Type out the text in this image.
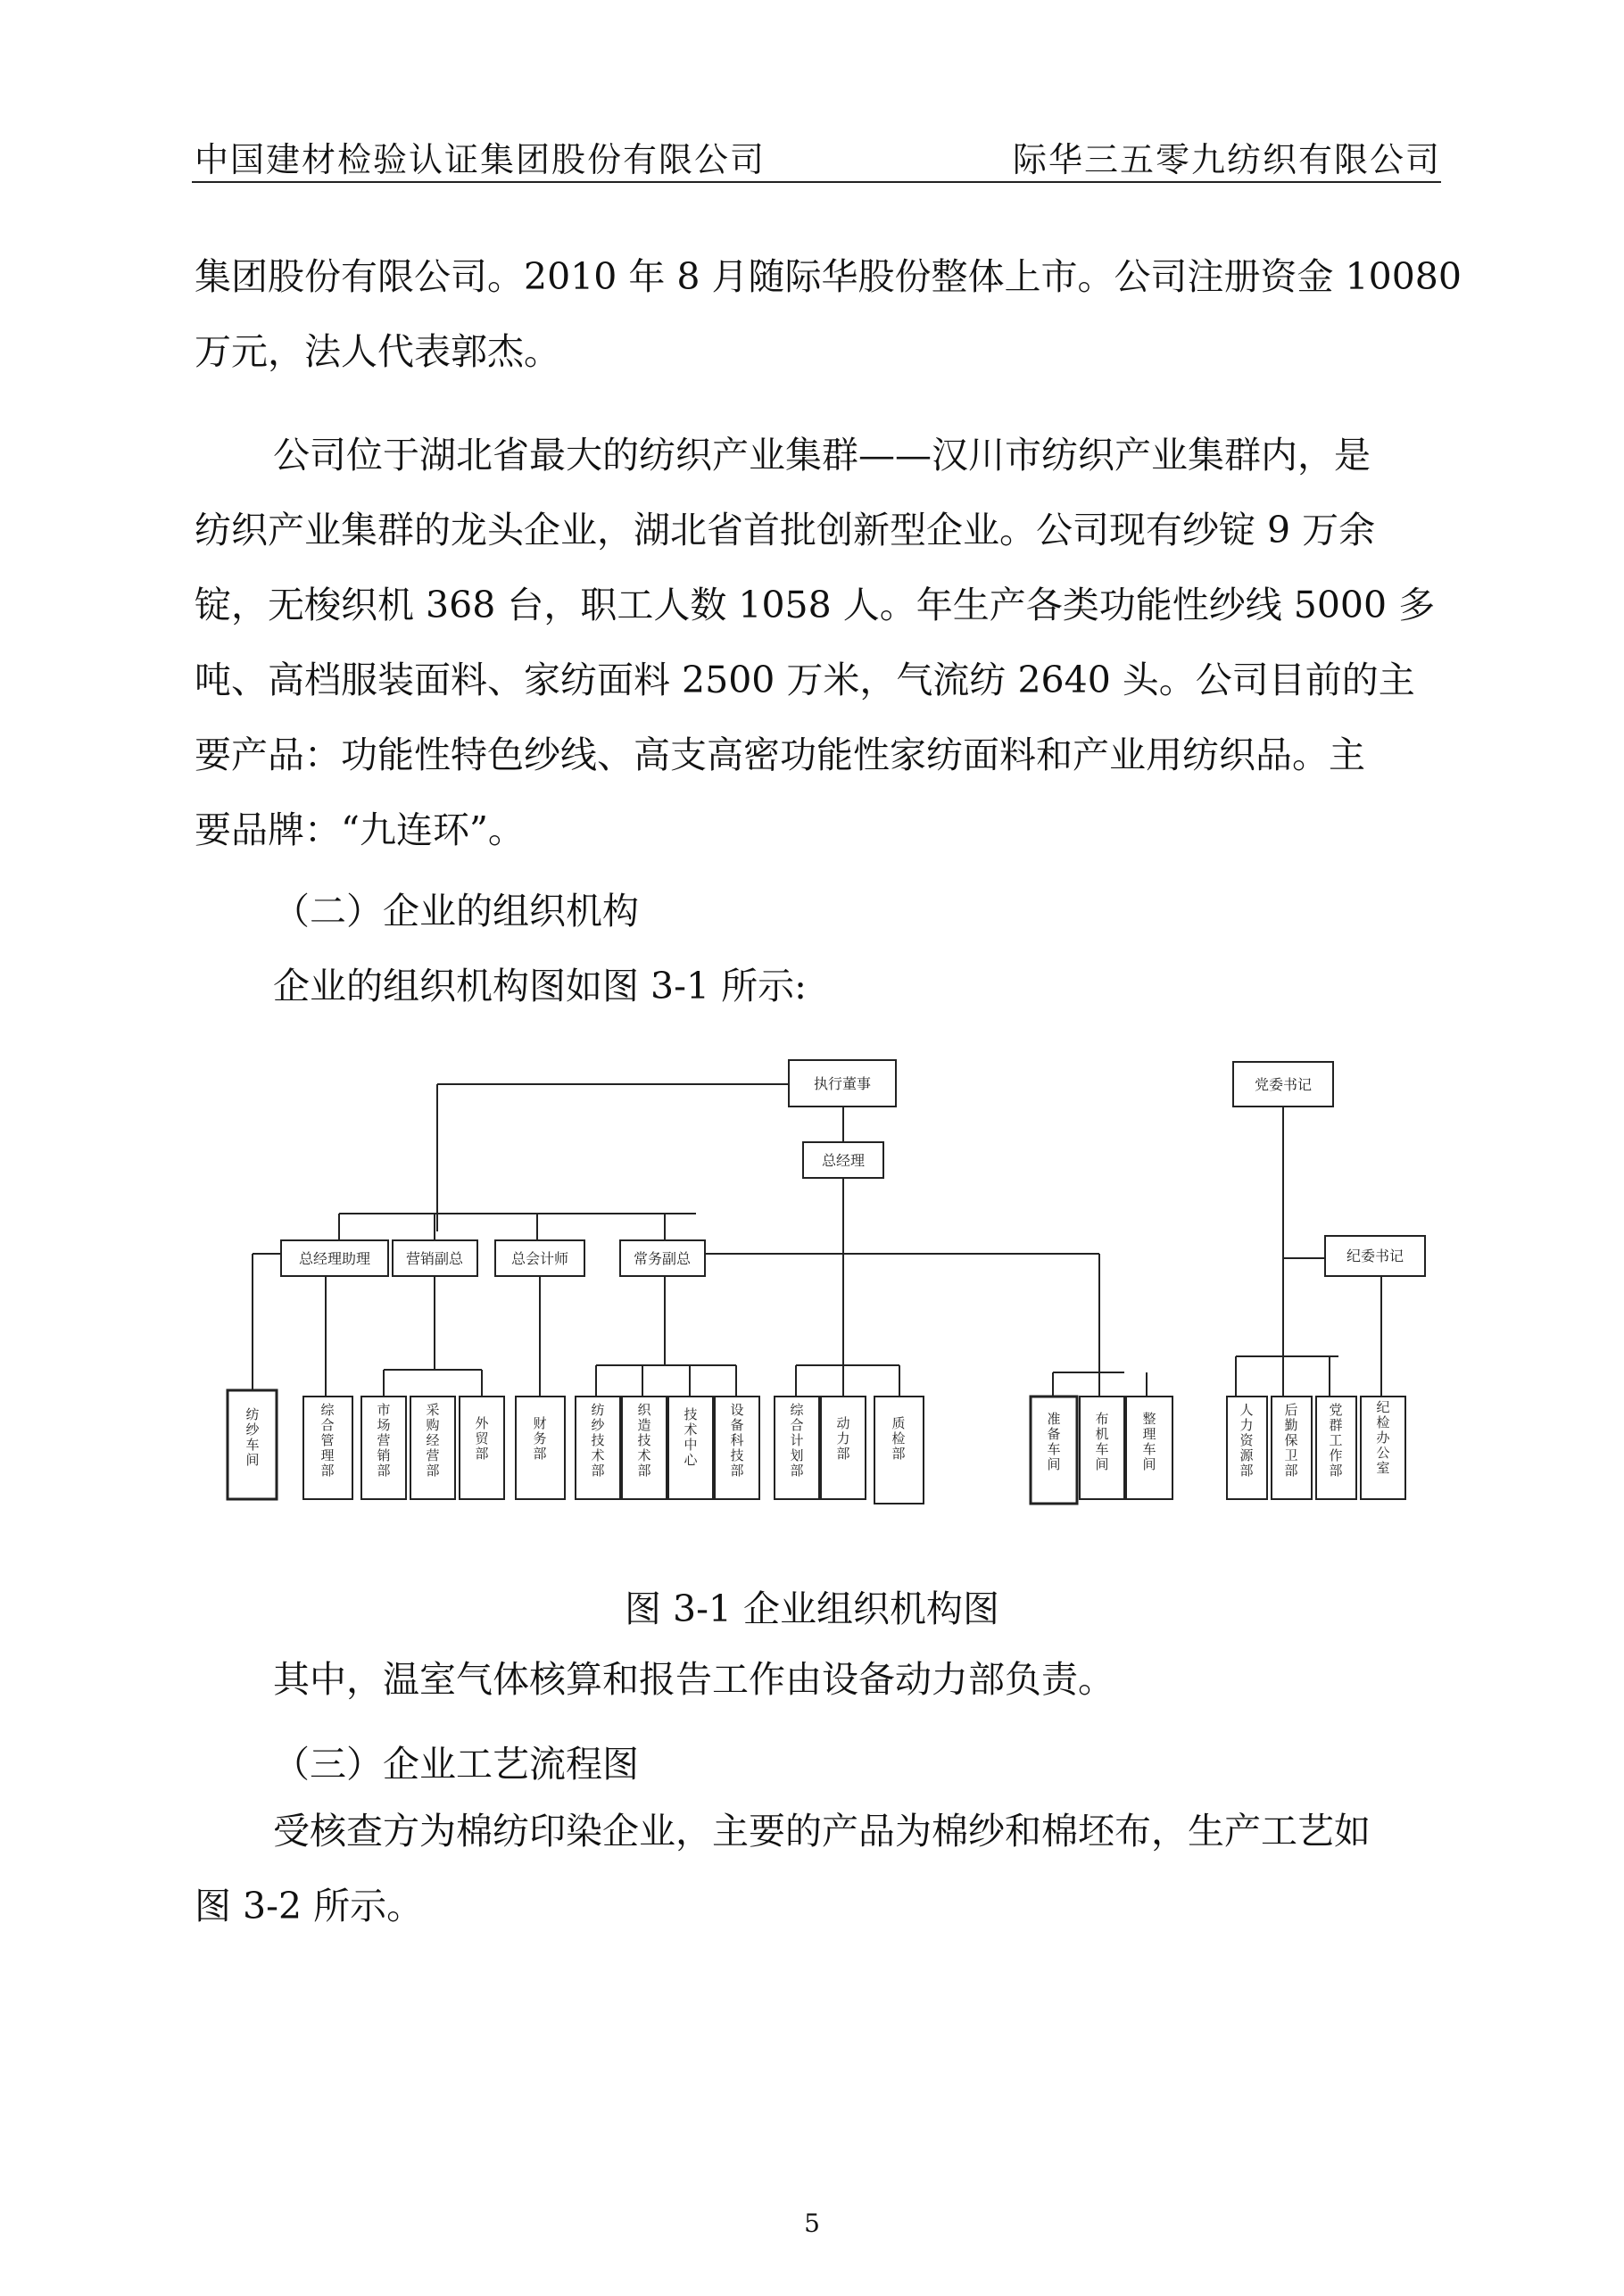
中国建材检验认证集团股份有限公司	际华三五零九纺织有限公司
集团股份有限公司。2010 年 8 月随际华股份整体上市。公司注册资金 10080
万元，法人代表郭杰。
公司位于湖北省最大的纺织产业集群——汉川市纺织产业集群内，是
纺织产业集群的龙头企业，湖北省首批创新型企业。公司现有纱锭 9 万余
锭，无梭织机 368 台，职工人数 1058 人。年生产各类功能性纱线 5000 多
吨、高档服装面料、家纺面料 2500 万米，气流纺 2640 头。公司目前的主
要产品：功能性特色纱线、高支高密功能性家纺面料和产业用纺织品。主
要品牌：“九连环”。
（二）企业的组织机构
企业的组织机构图如图 3-1 所示:
执行董事
总经理
党委书记
纪委书记
总经理助理 营销副总	总会计师	常务副总
纺纱车间
综合管理部
市场营销部
采购经营部
外贸部
财务部
纺纱技术部
织造技术部
技术中心
设备科技部
综合计划部
动力部
质检部
准备车间
布机车间
整理车间
人力资源部
后勤保卫部
党群工作部
纪检办公室
图 3-1 企业组织机构图
其中，温室气体核算和报告工作由设备动力部负责。
（三）企业工艺流程图
受核查方为棉纺印染企业，主要的产品为棉纱和棉坯布，生产工艺如
图 3-2 所示。
5
